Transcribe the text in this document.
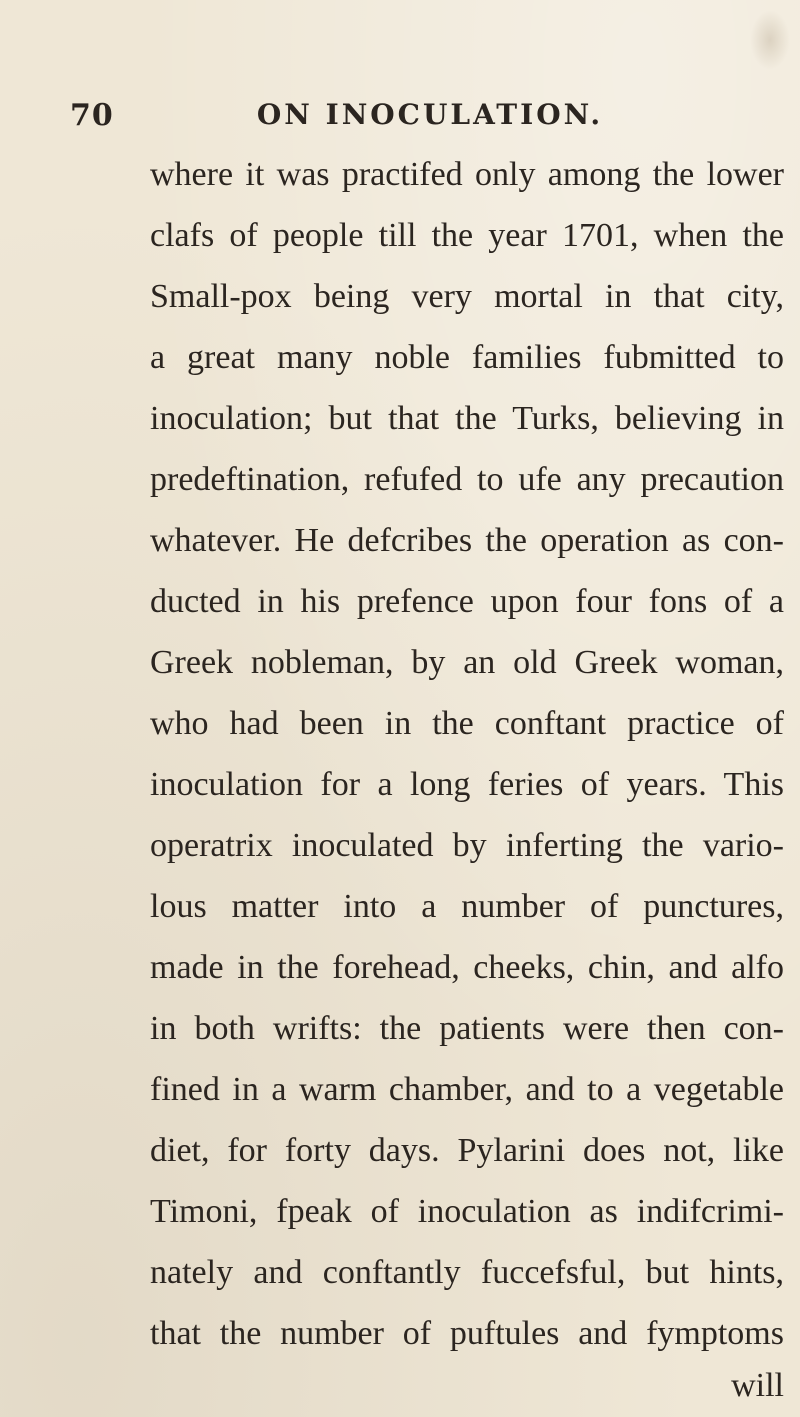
70	ON INOCULATION.
where it was practifed only among the lower
clafs of people till the year 1701, when the
Small-pox being very mortal in that city,
a great many noble families fubmitted to
inoculation; but that the Turks, believing in
predeftination, refufed to ufe any precaution
whatever. He defcribes the operation as con-
ducted in his prefence upon four fons of a
Greek nobleman, by an old Greek woman,
who had been in the conftant practice of
inoculation for a long feries of years. This
operatrix inoculated by inferting the vario-
lous matter into a number of punctures,
made in the forehead, cheeks, chin, and alfo
in both wrifts: the patients were then con-
fined in a warm chamber, and to a vegetable
diet, for forty days. Pylarini does not, like
Timoni, fpeak of inoculation as indifcrimi-
nately and conftantly fuccefsful, but hints,
that the number of puftules and fymptoms
will
